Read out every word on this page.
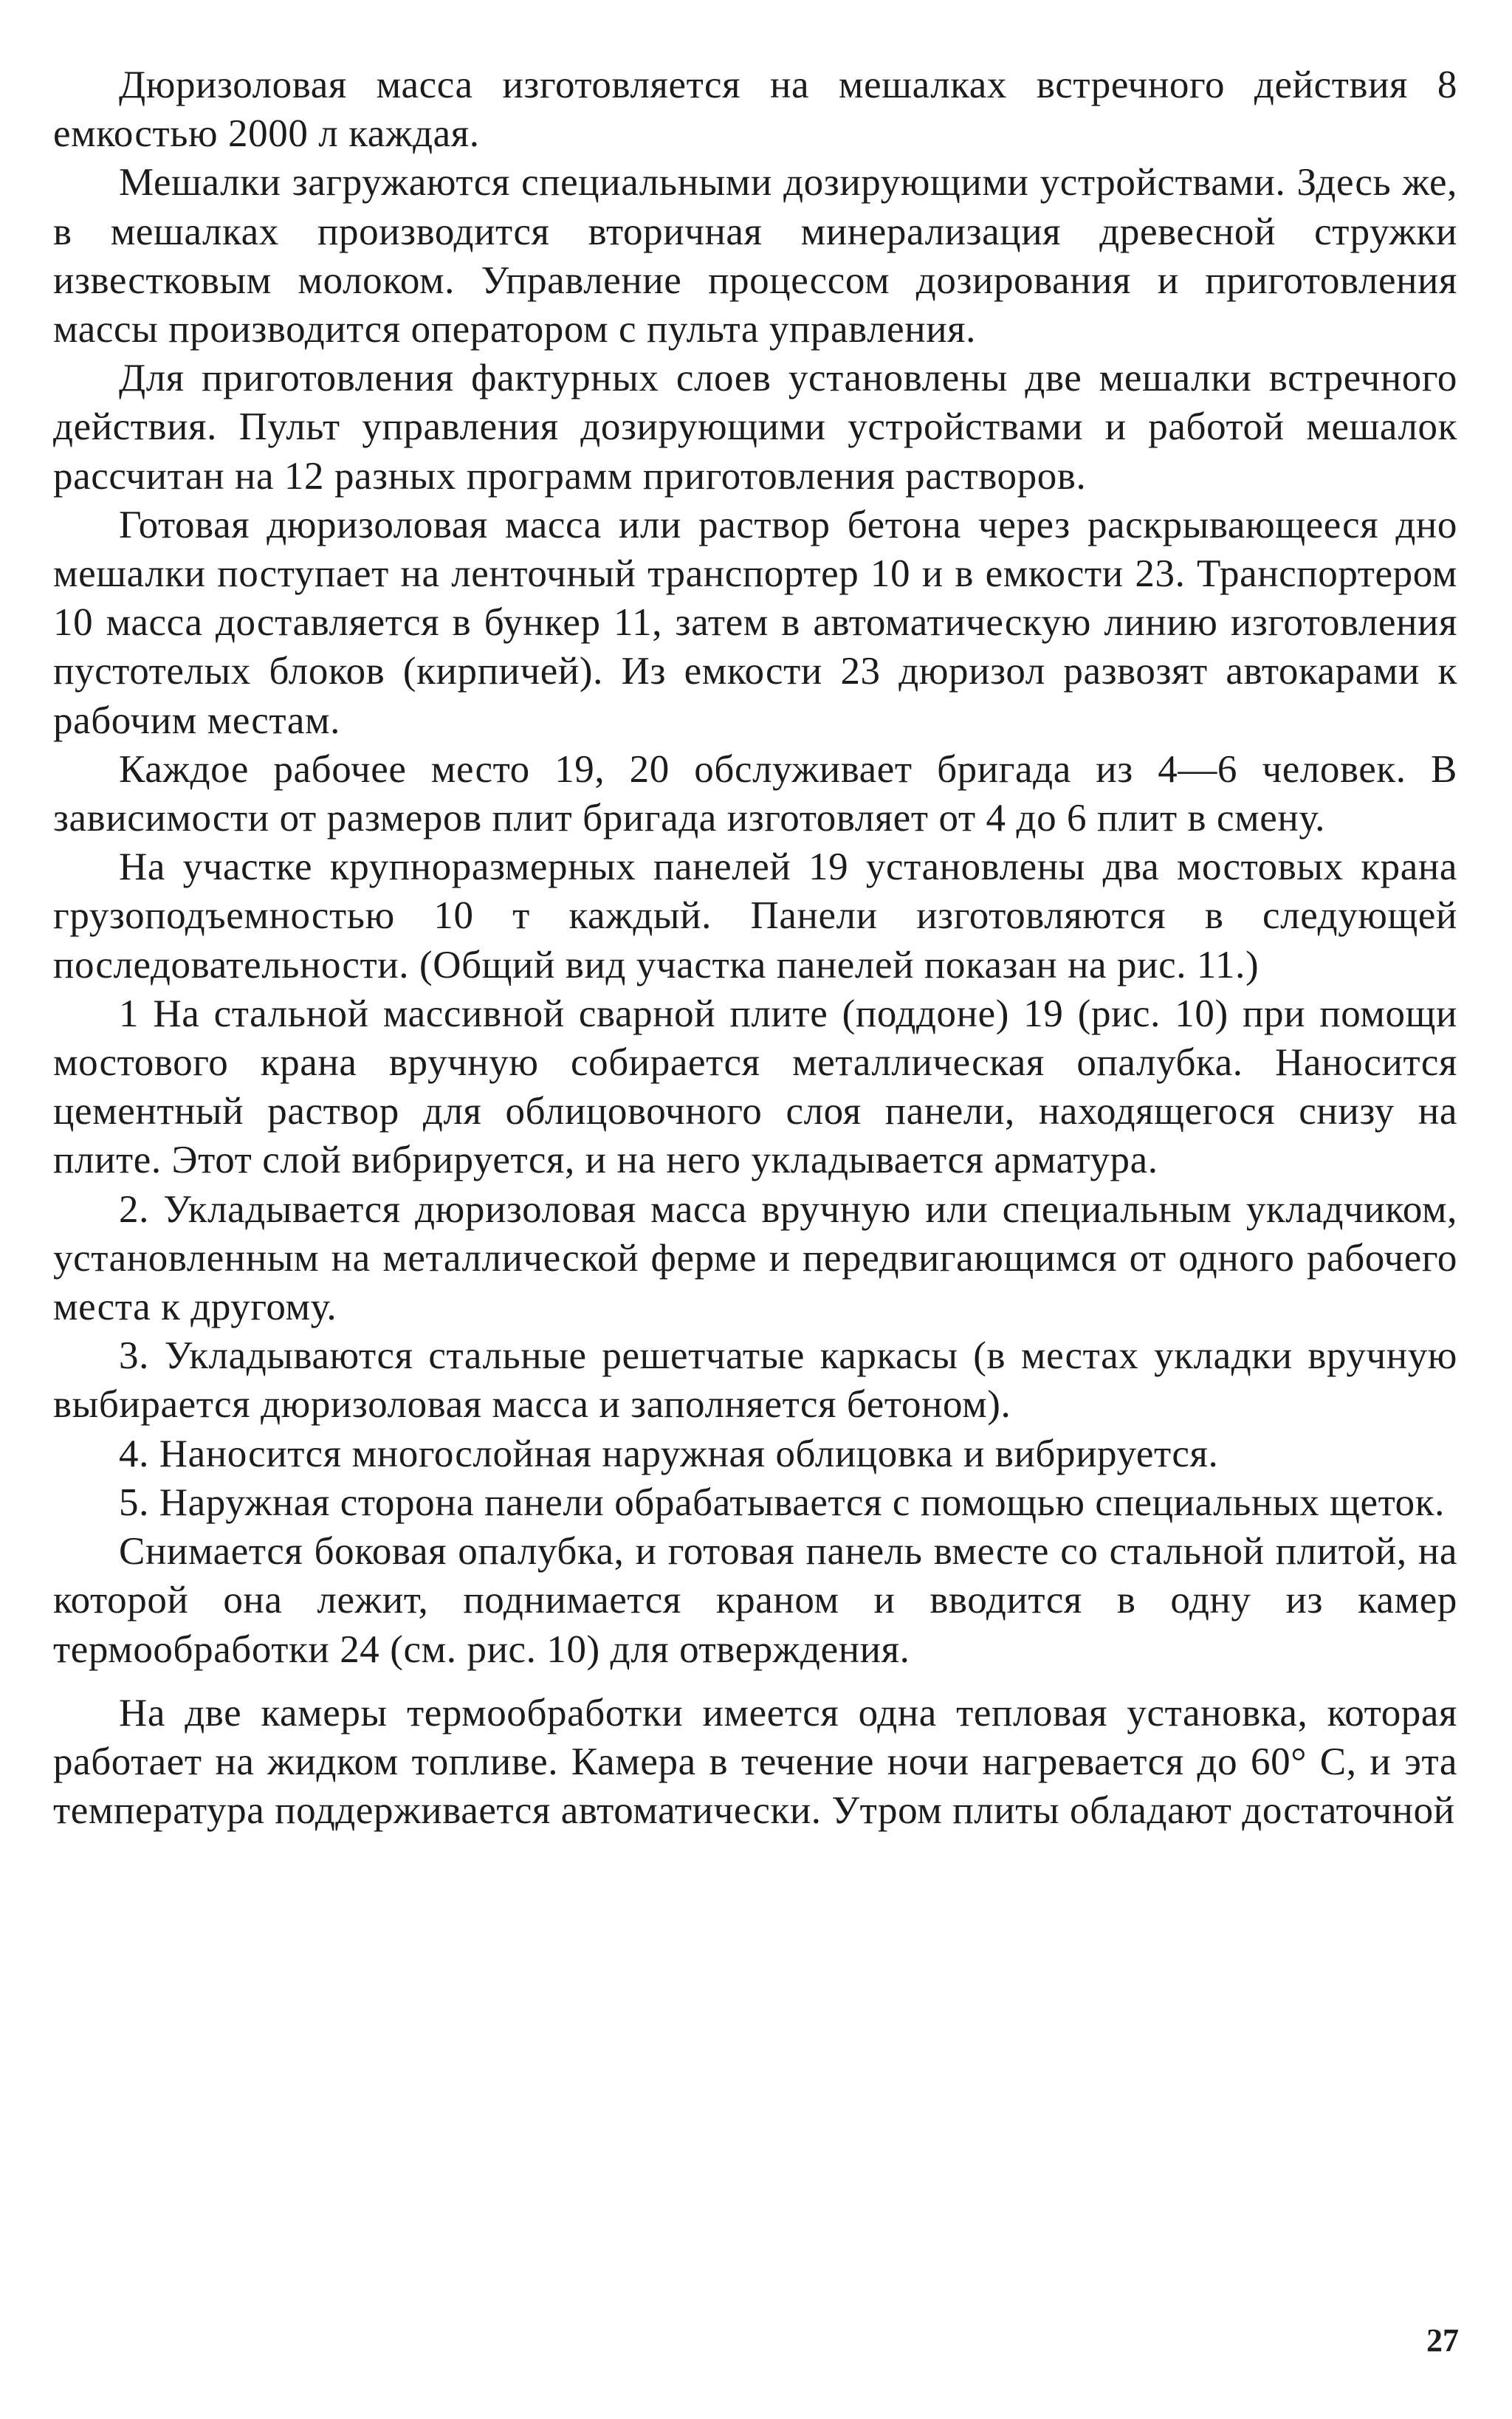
Дюризоловая масса изготовляется на мешалках встречного действия 8 емкостью 2000 л каждая.

Мешалки загружаются специальными дозирующими устройствами. Здесь же, в мешалках производится вторичная минерализация древесной стружки известковым молоком. Управление процессом дозирования и приготовления массы производится оператором с пульта управления.

Для приготовления фактурных слоев установлены две мешалки встречного действия. Пульт управления дозирующими устройствами и работой мешалок рассчитан на 12 разных программ приготовления растворов.

Готовая дюризоловая масса или раствор бетона через раскрывающееся дно мешалки поступает на ленточный транспортер 10 и в емкости 23. Транспортером 10 масса доставляется в бункер 11, затем в автоматическую линию изготовления пустотелых блоков (кирпичей). Из емкости 23 дюризол развозят автокарами к рабочим местам.

Каждое рабочее место 19, 20 обслуживает бригада из 4—6 человек. В зависимости от размеров плит бригада изготовляет от 4 до 6 плит в смену.

На участке крупноразмерных панелей 19 установлены два мостовых крана грузоподъемностью 10 т каждый. Панели изготовляются в следующей последовательности. (Общий вид участка панелей показан на рис. 11.)

1 На стальной массивной сварной плите (поддоне) 19 (рис. 10) при помощи мостового крана вручную собирается металлическая опалубка. Наносится цементный раствор для облицовочного слоя панели, находящегося снизу на плите. Этот слой вибрируется, и на него укладывается арматура.

2. Укладывается дюризоловая масса вручную или специальным укладчиком, установленным на металлической ферме и передвигающимся от одного рабочего места к другому.

3. Укладываются стальные решетчатые каркасы (в местах укладки вручную выбирается дюризоловая масса и заполняется бетоном).

4. Наносится многослойная наружная облицовка и вибрируется.

5. Наружная сторона панели обрабатывается с помощью специальных щеток.

Снимается боковая опалубка, и готовая панель вместе со стальной плитой, на которой она лежит, поднимается краном и вводится в одну из камер термообработки 24 (см. рис. 10) для отверждения.

На две камеры термообработки имеется одна тепловая установка, которая работает на жидком топливе. Камера в течение ночи нагревается до 60° С, и эта температура поддерживается автоматически. Утром плиты обладают достаточной

27
